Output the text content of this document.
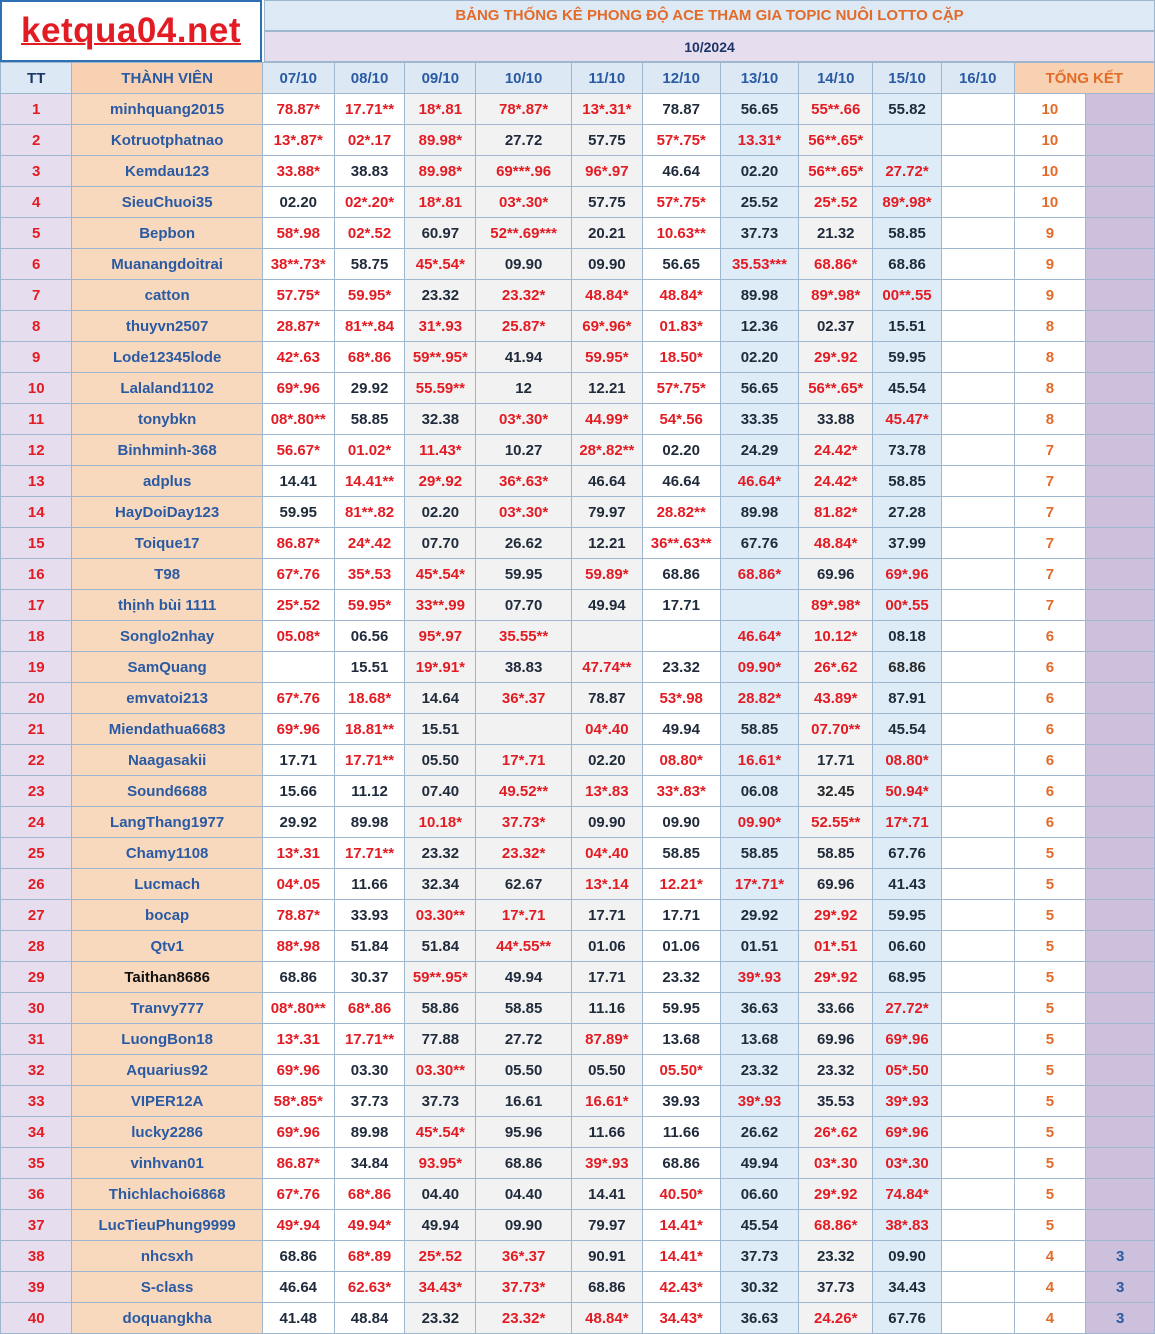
ketqua04.net	BẢNG THỐNG KÊ PHONG ĐỘ ACE THAM GIA TOPIC NUÔI LOTTO CẶP
10/2024
TT	THÀNH VIÊN	07/10	08/10	09/10	10/10	11/10	12/10	13/10	14/10	15/10	16/10	TỔNG KẾT	
1	minhquang2015	78.87*	17.71**	18*.81	78*.87*	13*.31*	78.87	56.65	55**.66	55.82		10	
2	Kotruotphatnao	13*.87*	02*.17	89.98*	27.72	57.75	57*.75*	13.31*	56**.65*			10	
3	Kemdau123	33.88*	38.83	89.98*	69***.96	96*.97	46.64	02.20	56**.65*	27.72*		10	
4	SieuChuoi35	02.20	02*.20*	18*.81	03*.30*	57.75	57*.75*	25.52	25*.52	89*.98*		10	
5	Bepbon	58*.98	02*.52	60.97	52**.69***	20.21	10.63**	37.73	21.32	58.85		9	
6	Muanangdoitrai	38**.73*	58.75	45*.54*	09.90	09.90	56.65	35.53***	68.86*	68.86		9	
7	catton	57.75*	59.95*	23.32	23.32*	48.84*	48.84*	89.98	89*.98*	00**.55		9	
8	thuyvn2507	28.87*	81**.84	31*.93	25.87*	69*.96*	01.83*	12.36	02.37	15.51		8	
9	Lode12345lode	42*.63	68*.86	59**.95*	41.94	59.95*	18.50*	02.20	29*.92	59.95		8	
10	Lalaland1102	69*.96	29.92	55.59**	12	12.21	57*.75*	56.65	56**.65*	45.54		8	
11	tonybkn	08*.80**	58.85	32.38	03*.30*	44.99*	54*.56	33.35	33.88	45.47*		8	
12	Binhminh-368	56.67*	01.02*	11.43*	10.27	28*.82**	02.20	24.29	24.42*	73.78		7	
13	adplus	14.41	14.41**	29*.92	36*.63*	46.64	46.64	46.64*	24.42*	58.85		7	
14	HayDoiDay123	59.95	81**.82	02.20	03*.30*	79.97	28.82**	89.98	81.82*	27.28		7	
15	Toique17	86.87*	24*.42	07.70	26.62	12.21	36**.63**	67.76	48.84*	37.99		7	
16	T98	67*.76	35*.53	45*.54*	59.95	59.89*	68.86	68.86*	69.96	69*.96		7	
17	thịnh bùi 1111	25*.52	59.95*	33**.99	07.70	49.94	17.71		89*.98*	00*.55		7	
18	Songlo2nhay	05.08*	06.56	95*.97	35.55**			46.64*	10.12*	08.18		6	
19	SamQuang		15.51	19*.91*	38.83	47.74**	23.32	09.90*	26*.62	68.86		6	
20	emvatoi213	67*.76	18.68*	14.64	36*.37	78.87	53*.98	28.82*	43.89*	87.91		6	
21	Miendathua6683	69*.96	18.81**	15.51		04*.40	49.94	58.85	07.70**	45.54		6	
22	Naagasakii	17.71	17.71**	05.50	17*.71	02.20	08.80*	16.61*	17.71	08.80*		6	
23	Sound6688	15.66	11.12	07.40	49.52**	13*.83	33*.83*	06.08	32.45	50.94*		6	
24	LangThang1977	29.92	89.98	10.18*	37.73*	09.90	09.90	09.90*	52.55**	17*.71		6	
25	Chamy1108	13*.31	17.71**	23.32	23.32*	04*.40	58.85	58.85	58.85	67.76		5	
26	Lucmach	04*.05	11.66	32.34	62.67	13*.14	12.21*	17*.71*	69.96	41.43		5	
27	bocap	78.87*	33.93	03.30**	17*.71	17.71	17.71	29.92	29*.92	59.95		5	
28	Qtv1	88*.98	51.84	51.84	44*.55**	01.06	01.06	01.51	01*.51	06.60		5	
29	Taithan8686	68.86	30.37	59**.95*	49.94	17.71	23.32	39*.93	29*.92	68.95		5	
30	Tranvy777	08*.80**	68*.86	58.86	58.85	11.16	59.95	36.63	33.66	27.72*		5	
31	LuongBon18	13*.31	17.71**	77.88	27.72	87.89*	13.68	13.68	69.96	69*.96		5	
32	Aquarius92	69*.96	03.30	03.30**	05.50	05.50	05.50*	23.32	23.32	05*.50		5	
33	VIPER12A	58*.85*	37.73	37.73	16.61	16.61*	39.93	39*.93	35.53	39*.93		5	
34	lucky2286	69*.96	89.98	45*.54*	95.96	11.66	11.66	26.62	26*.62	69*.96		5	
35	vinhvan01	86.87*	34.84	93.95*	68.86	39*.93	68.86	49.94	03*.30	03*.30		5	
36	Thichlachoi6868	67*.76	68*.86	04.40	04.40	14.41	40.50*	06.60	29*.92	74.84*		5	
37	LucTieuPhung9999	49*.94	49.94*	49.94	09.90	79.97	14.41*	45.54	68.86*	38*.83		5	
38	nhcsxh	68.86	68*.89	25*.52	36*.37	90.91	14.41*	37.73	23.32	09.90		4	3
39	S-class	46.64	62.63*	34.43*	37.73*	68.86	42.43*	30.32	37.73	34.43		4	3
40	doquangkha	41.48	48.84	23.32	23.32*	48.84*	34.43*	36.63	24.26*	67.76		4	3
